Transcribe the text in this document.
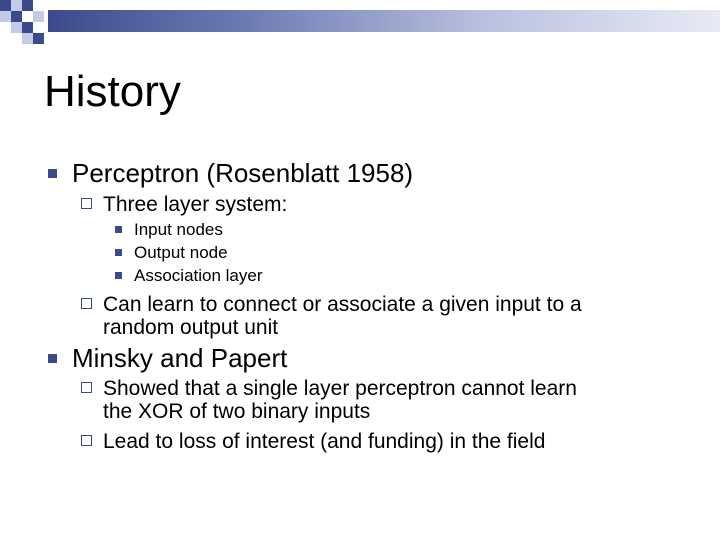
History
Perceptron (Rosenblatt 1958)
Three layer system:
Input nodes
Output node
Association layer
Can learn to connect or associate a given input to a
random output unit
Minsky and Papert
Showed that a single layer perceptron cannot learn
the XOR of two binary inputs
Lead to loss of interest (and funding) in the field
